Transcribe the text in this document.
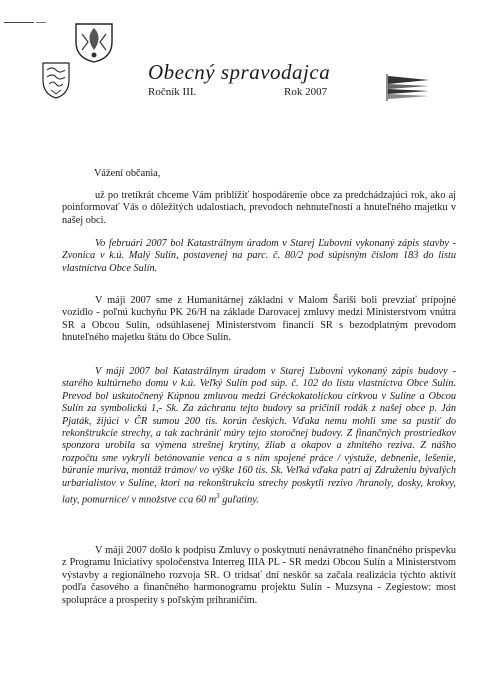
Obecný spravodajca
Ročník III.	Rok 2007
Vážení občania,

už po tretíkrát chceme Vám priblížiť hospodárenie obce za predchádzajúci rok, ako aj poinformovať Vás o dôležitých udalostiach, prevodoch nehnuteľností a hnuteľného majetku v našej obci.

Vo februári 2007 bol Katastrálnym úradom v Starej Ľubovni vykonaný zápis stavby - Zvonica v k.ú. Malý Sulín, postavenej na parc. č. 80/2 pod súpisným číslom 183 do listu vlastníctva Obce Sulín.

V máji 2007 sme z Humanitárnej základni v Malom Šariši boli prevziať prípojné vozidlo - poľnú kuchyňu PK 26/H na základe Darovacej zmluvy medzi Ministerstvom vnútra SR a Obcou Sulín, odsúhlasenej Ministerstvom financií SR s bezodplatným prevodom hnuteľného majetku štátu do Obce Sulín.

V máji 2007 bol Katastrálnym úradom v Starej Ľubovni vykonaný zápis budovy - starého kultúrneho domu v k.ú. Veľký Sulín pod súp. č. 102 do listu vlastníctva Obce Sulín. Prevod bol uskutočnený Kúpnou zmluvou medzi Gréckokatolíckou cirkvou v Sulíne a Obcou Sulín za symbolickú 1,- Sk. Za záchranu tejto budovy sa pričinil rodák z našej obce p. Ján Pjaták, žijúci v ČR sumou 200 tis. korún českých. Vďaka nemu mohli sme sa pustiť do rekonštrukcie strechy, a tak zachrániť múry tejto storočnej budovy. Z finančných prostriedkov sponzora urobila sa výmena strešnej krytiny, žliab a okapov a zhnitého reziva. Z nášho rozpočtu sme vykryli betónovanie venca a s ním spojené práce / výstuže, debnenie, lešenie, búranie muriva, montáž trámov/ vo výške 160 tis. Sk. Veľká vďaka patrí aj Združeniu bývalých urbarialistov v Sulíne, ktorí na rekonštrukciu strechy poskytli rezivo /hranoly, dosky, krokvy, laty, pomurnice/ v množstve cca 60 $m^3$ guľatiny.

V máji 2007 došlo k podpisu Zmluvy o poskytnutí nenávratného finančného príspevku z Programu Iniciatívy spoločenstva Interreg IIIA PL - SR medzi Obcou Sulín a Ministerstvom výstavby a regionálneho rozvoja SR. O tridsať dní neskôr sa začala realizácia týchto aktivít podľa časového a finančného harmonogramu projektu Sulín - Muzsyna - Zegiestow: most spolupráce a prosperity s poľským prihraničím.
